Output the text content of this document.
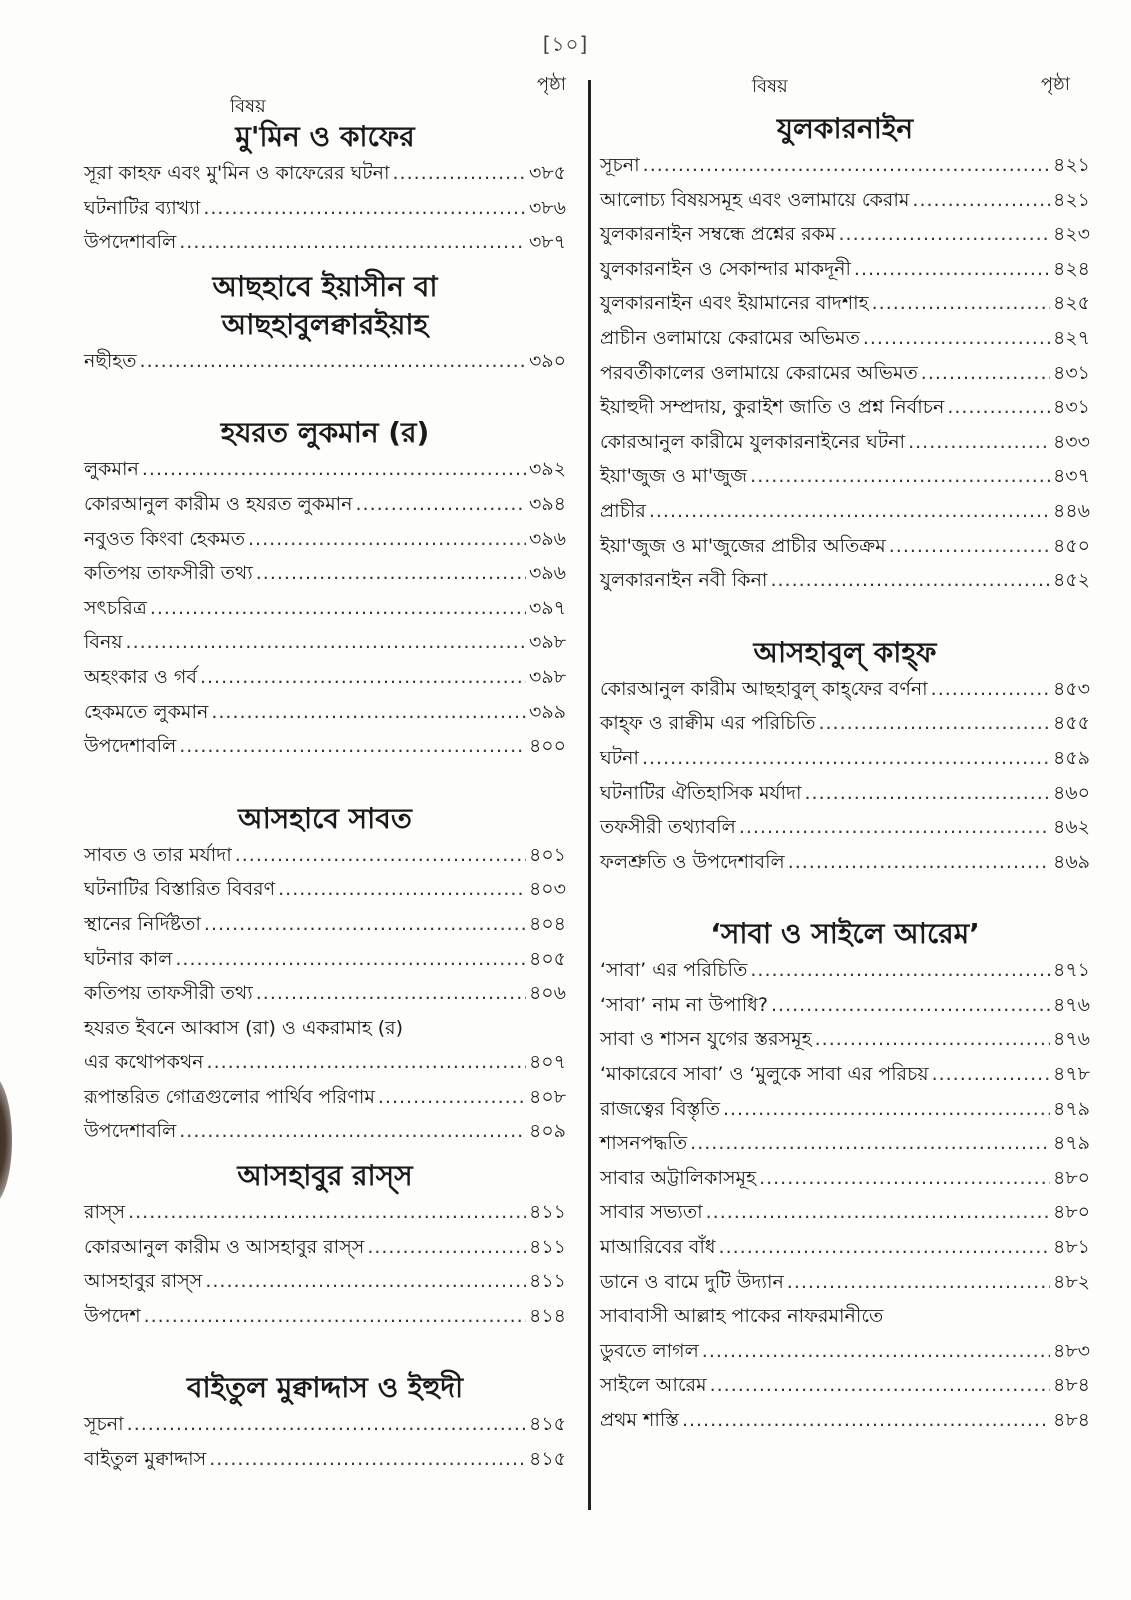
[১০]
বিষয়
পৃষ্ঠা
মু'মিন ও কাফের
সূরা কাহফ এবং মু'মিন ও কাফেরের ঘটনা .....	৩৮৫
ঘটনাটির ব্যাখ্যা .....	৩৮৬
উপদেশাবলি .....	৩৮৭
আছহাবে ইয়াসীন বা
আছহাবুলক্বারইয়াহ
নছীহত .....	৩৯০
হযরত লুকমান (র)
লুকমান .....	৩৯২
কোরআনুল কারীম ও হযরত লুকমান .....	৩৯৪
নবুওত কিংবা হেকমত .....	৩৯৬
কতিপয় তাফসীরী তথ্য .....	৩৯৬
সৎচরিত্র .....	৩৯৭
বিনয় .....	৩৯৮
অহংকার ও গর্ব .....	৩৯৮
হেকমতে লুকমান .....	৩৯৯
উপদেশাবলি .....	৪০০
আসহাবে সাবত
সাবত ও তার মর্যাদা .....	৪০১
ঘটনাটির বিস্তারিত বিবরণ .....	৪০৩
স্থানের নির্দিষ্টতা .....	৪০৪
ঘটনার কাল .....	৪০৫
কতিপয় তাফসীরী তথ্য .....	৪০৬
হযরত ইবনে আব্বাস (রা) ও একরামাহ (র)
এর কথোপকথন .....	৪০৭
রূপান্তরিত গোত্রগুলোর পার্থিব পরিণাম .....	৪০৮
উপদেশাবলি .....	৪০৯
আসহাবুর রাস্‌স
রাস্‌স .....	৪১১
কোরআনুল কারীম ও আসহাবুর রাস্‌স .....	৪১১
আসহাবুর রাস্‌স .....	৪১১
উপদেশ .....	৪১৪
বাইতুল মুক্বাদ্দাস ও ইহুদী
সূচনা .....	৪১৫
বাইতুল মুক্বাদ্দাস .....	৪১৫
বিষয়	পৃষ্ঠা
যুলকারনাইন
সূচনা .....	৪২১
আলোচ্য বিষয়সমূহ এবং ওলামায়ে কেরাম .....	৪২১
যুলকারনাইন সম্বন্ধে প্রশ্নের রকম .....	৪২৩
যুলকারনাইন ও সেকান্দার মাকদূনী .....	৪২৪
যুলকারনাইন এবং ইয়ামানের বাদশাহ .....	৪২৫
প্রাচীন ওলামায়ে কেরামের অভিমত .....	৪২৭
পরবর্তীকালের ওলামায়ে কেরামের অভিমত .....	৪৩১
ইয়াহুদী সম্প্রদায়, কুরাইশ জাতি ও প্রশ্ন নির্বাচন .....	৪৩১
কোরআনুল কারীমে যুলকারনাইনের ঘটনা .....	৪৩৩
ইয়া'জুজ ও মা'জুজ .....	৪৩৭
প্রাচীর .....	৪৪৬
ইয়া'জুজ ও মা'জুজের প্রাচীর অতিক্রম .....	৪৫০
যুলকারনাইন নবী কিনা .....	৪৫২
আসহাবুল্‌ কাহ্‌ফ
কোরআনুল কারীম আছহাবুল্‌ কাহ্‌ফের বর্ণনা .....	৪৫৩
কাহ্‌ফ ও রাক্বীম এর পরিচিতি .....	৪৫৫
ঘটনা .....	৪৫৯
ঘটনাটির ঐতিহাসিক মর্যাদা .....	৪৬০
তফসীরী তথ্যাবলি .....	৪৬২
ফলশ্রুতি ও উপদেশাবলি .....	৪৬৯
‘সাবা ও সাইলে আরেম’
‘সাবা’ এর পরিচিতি .....	৪৭১
‘সাবা’ নাম না উপাধি? .....	৪৭৬
সাবা ও শাসন যুগের স্তরসমূহ .....	৪৭৬
‘মাকারেবে সাবা’ ও ‘মুলুকে সাবা এর পরিচয় .....	৪৭৮
রাজত্বের বিস্তৃতি .....	৪৭৯
শাসনপদ্ধতি .....	৪৭৯
সাবার অট্টালিকাসমূহ .....	৪৮০
সাবার সভ্যতা .....	৪৮০
মাআরিবের বাঁধ .....	৪৮১
ডানে ও বামে দুটি উদ্যান .....	৪৮২
সাবাবাসী আল্লাহ পাকের নাফরমানীতে
ডুবতে লাগল .....	৪৮৩
সাইলে আরেম .....	৪৮৪
প্রথম শাস্তি .....	৪৮৪
